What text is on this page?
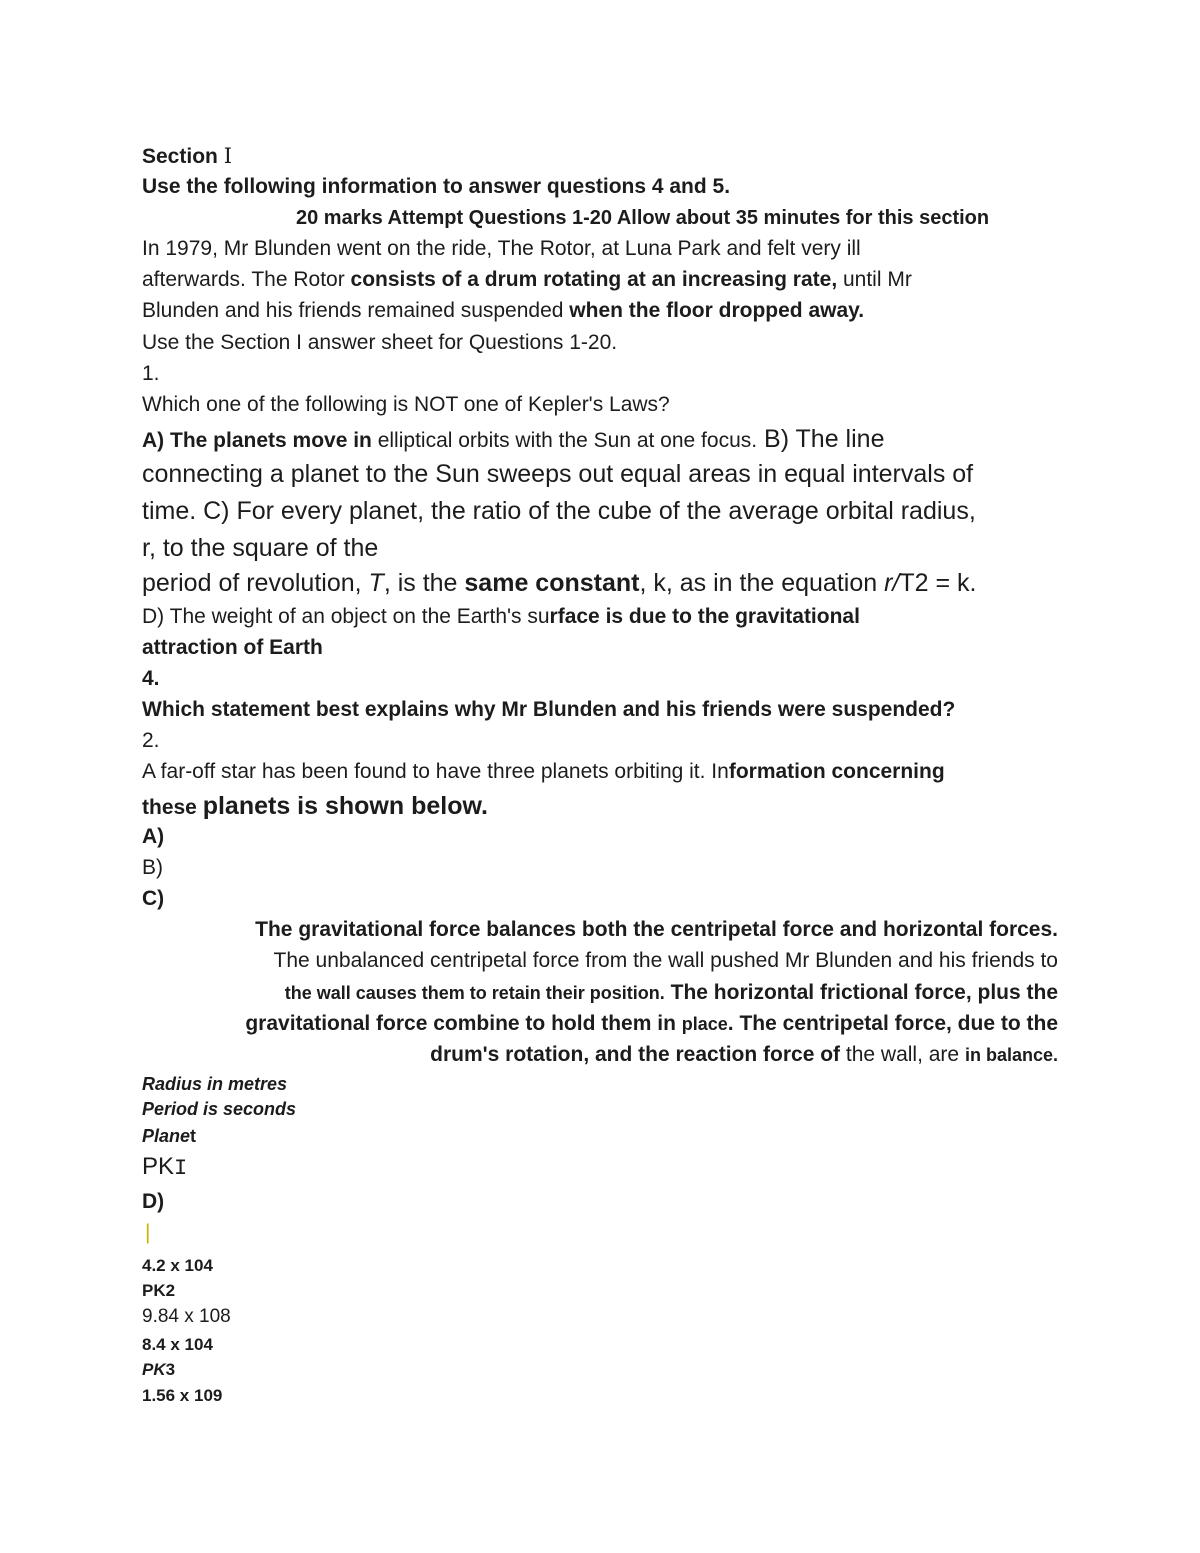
Section I
Use the following information to answer questions 4 and 5.
20 marks Attempt Questions 1-20 Allow about 35 minutes for this section
In 1979, Mr Blunden went on the ride, The Rotor, at Luna Park and felt very ill
afterwards. The Rotor consists of a drum rotating at an increasing rate, until Mr
Blunden and his friends remained suspended when the floor dropped away.
Use the Section I answer sheet for Questions 1-20.
1.
Which one of the following is NOT one of Kepler's Laws?
A) The planets move in elliptical orbits with the Sun at one focus. B) The line
connecting a planet to the Sun sweeps out equal areas in equal intervals of
time. C) For every planet, the ratio of the cube of the average orbital radius,
r, to the square of the
period of revolution, T, is the same constant, k, as in the equation r/T2 = k.
D) The weight of an object on the Earth's surface is due to the gravitational
attraction of Earth
4.
Which statement best explains why Mr Blunden and his friends were suspended?
2.
A far-off star has been found to have three planets orbiting it. Information concerning
these planets is shown below.
A)
B)
C)
The gravitational force balances both the centripetal force and horizontal forces.
The unbalanced centripetal force from the wall pushed Mr Blunden and his friends to
the wall causes them to retain their position. The horizontal frictional force, plus the
gravitational force combine to hold them in place. The centripetal force, due to the
drum's rotation, and the reaction force of the wall, are in balance.
Radius in metres
Period is seconds
Planet
PKI
D)
|
4.2 x 104
PK2
9.84 x 108
8.4 x 104
PK3
1.56 x 109
